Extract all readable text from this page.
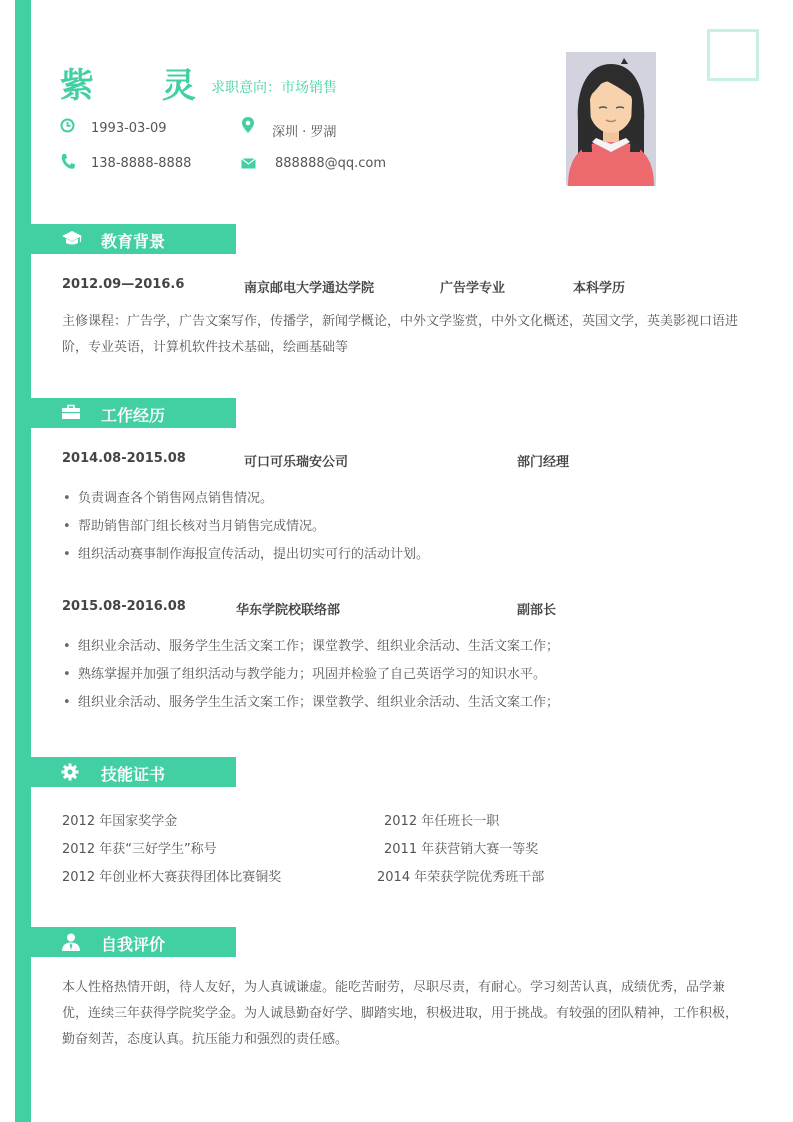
紫 灵
求职意向：市场销售
1993-03-09	深圳 · 罗湖
138-8888-8888	888888@qq.com
教育背景
2012.09—2016.6	南京邮电大学通达学院	广告学专业	本科学历
主修课程：广告学，广告文案写作，传播学，新闻学概论，中外文学鉴赏，中外文化概述，英国文学，英美影视口语进阶，专业英语，计算机软件技术基础，绘画基础等
工作经历
2014.08-2015.08	可口可乐瑞安公司	部门经理
• 负责调查各个销售网点销售情况。
• 帮助销售部门组长核对当月销售完成情况。
• 组织活动赛事制作海报宣传活动，提出切实可行的活动计划。
2015.08-2016.08	华东学院校联络部	副部长
• 组织业余活动、服务学生生活文案工作；课堂教学、组织业余活动、生活文案工作；
• 熟练掌握并加强了组织活动与教学能力；巩固并检验了自己英语学习的知识水平。
• 组织业余活动、服务学生生活文案工作；课堂教学、组织业余活动、生活文案工作；
技能证书
2012 年国家奖学金	2012 年任班长一职
2012 年获“三好学生”称号	2011 年获营销大赛一等奖
2012 年创业杯大赛获得团体比赛铜奖	2014 年荣获学院优秀班干部
自我评价
本人性格热情开朗，待人友好，为人真诚谦虚。能吃苦耐劳，尽职尽责，有耐心。学习刻苦认真，成绩优秀，品学兼优，连续三年获得学院奖学金。为人诚恳勤奋好学、脚踏实地，积极进取，用于挑战。有较强的团队精神，工作积极，勤奋刻苦，态度认真。抗压能力和强烈的责任感。
